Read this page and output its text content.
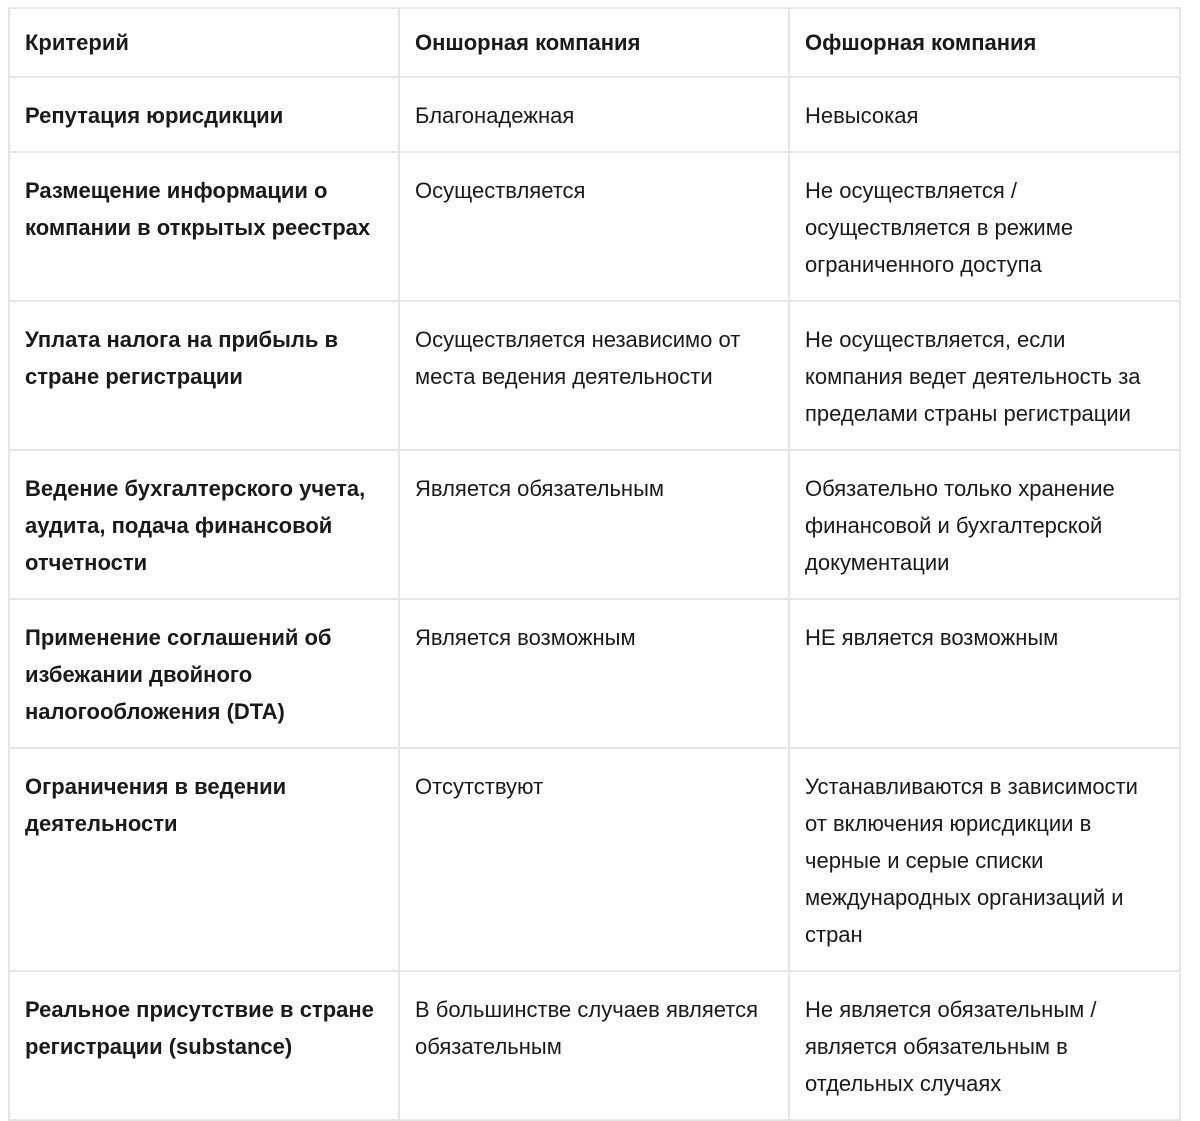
Критерий	Оншорная компания	Офшорная компания
Репутация юрисдикции	Благонадежная	Невысокая
Размещение информации о компании в открытых реестрах	Осуществляется	Не осуществляется / осуществляется в режиме ограниченного доступа
Уплата налога на прибыль в стране регистрации	Осуществляется независимо от места ведения деятельности	Не осуществляется, если компания ведет деятельность за пределами страны регистрации
Ведение бухгалтерского учета, аудита, подача финансовой отчетности	Является обязательным	Обязательно только хранение финансовой и бухгалтерской документации
Применение соглашений об избежании двойного налогообложения (DTA)	Является возможным	НЕ является возможным
Ограничения в ведении деятельности	Отсутствуют	Устанавливаются в зависимости от включения юрисдикции в черные и серые списки международных организаций и стран
Реальное присутствие в стране регистрации (substance)	В большинстве случаев является обязательным	Не является обязательным / является обязательным в отдельных случаях
